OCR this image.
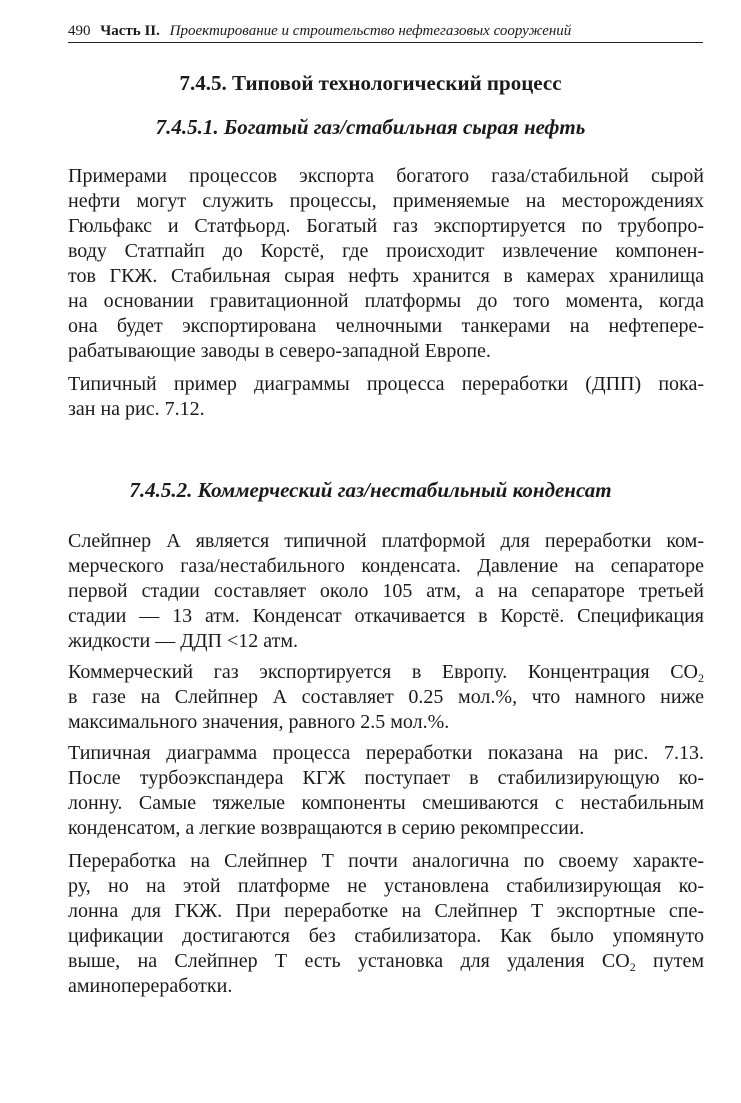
490 Часть II. Проектирование и строительство нефтегазовых сооружений
7.4.5. Типовой технологический процесс
7.4.5.1. Богатый газ/стабильная сырая нефть

Примерами процессов экспорта богатого газа/стабильной сырой
нефти могут служить процессы, применяемые на месторождениях
Гюльфакс и Статфьорд. Богатый газ экспортируется по трубопро-
воду Статпайп до Корстё, где происходит извлечение компонен-
тов ГКЖ. Стабильная сырая нефть хранится в камерах хранилища
на основании гравитационной платформы до того момента, когда
она будет экспортирована челночными танкерами на нефтепере-
рабатывающие заводы в северо-западной Европе.

Типичный пример диаграммы процесса переработки (ДПП) пока-
зан на рис. 7.12.

7.4.5.2. Коммерческий газ/нестабильный конденсат

Слейпнер А является типичной платформой для переработки ком-
мерческого газа/нестабильного конденсата. Давление на сепараторе
первой стадии составляет около 105 атм, а на сепараторе третьей
стадии — 13 атм. Конденсат откачивается в Корстё. Спецификация
жидкости — ДДП <12 атм.

Коммерческий газ экспортируется в Европу. Концентрация $CO_2$
в газе на Слейпнер А составляет 0.25 мол.%, что намного ниже
максимального значения, равного 2.5 мол.%.

Типичная диаграмма процесса переработки показана на рис. 7.13.
После турбоэкспандера КГЖ поступает в стабилизирующую ко-
лонну. Самые тяжелые компоненты смешиваются с нестабильным
конденсатом, а легкие возвращаются в серию рекомпрессии.

Переработка на Слейпнер Т почти аналогична по своему характе-
ру, но на этой платформе не установлена стабилизирующая ко-
лонна для ГКЖ. При переработке на Слейпнер Т экспортные спе-
цификации достигаются без стабилизатора. Как было упомянуто
выше, на Слейпнер Т есть установка для удаления $CO_2$ путем
аминопереработки.
